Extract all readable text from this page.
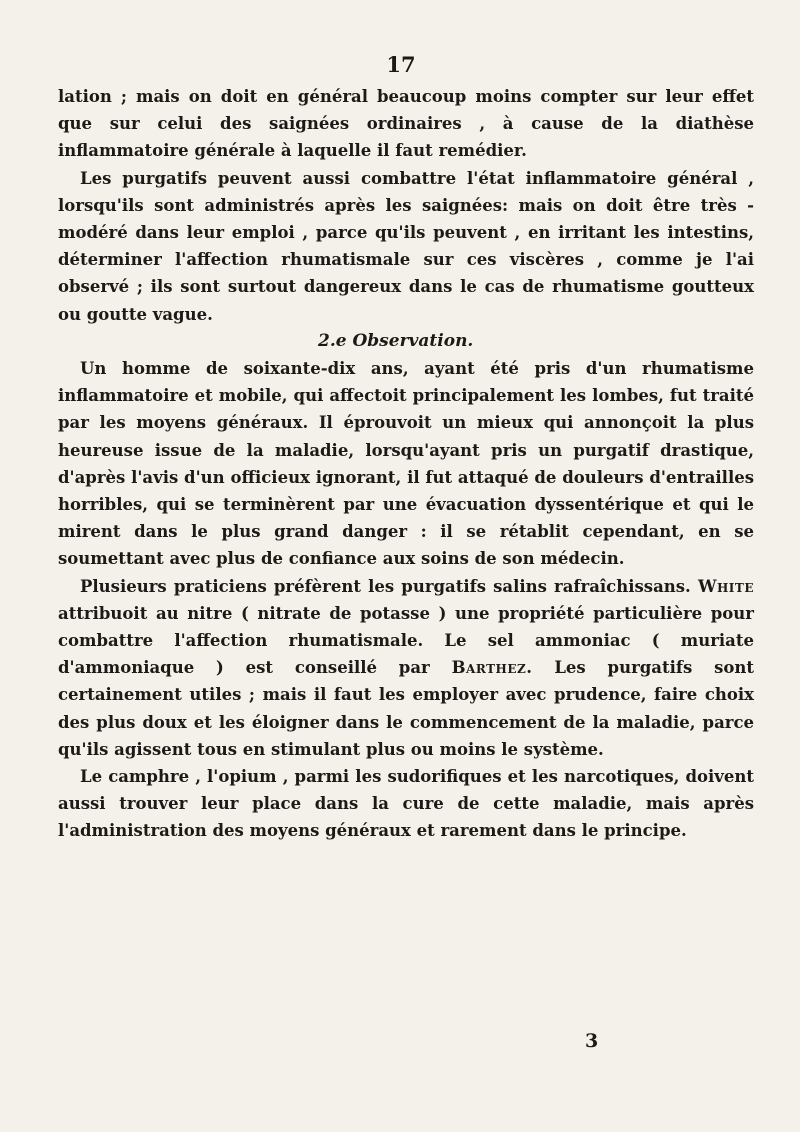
17

lation ; mais on doit en général beaucoup moins compter sur leur effet que sur celui des saignées ordinaires , à cause de la diathèse inflammatoire générale à laquelle il faut remédier.

Les purgatifs peuvent aussi combattre l'état inflammatoire général , lorsqu'ils sont administrés après les saignées: mais on doit être très - modéré dans leur emploi , parce qu'ils peuvent , en irritant les intestins, déterminer l'affection rhumatismale sur ces viscères , comme je l'ai observé ; ils sont surtout dangereux dans le cas de rhumatisme goutteux ou goutte vague.

2.e Observation.

Un homme de soixante-dix ans, ayant été pris d'un rhumatisme inflammatoire et mobile, qui affectoit principalement les lombes, fut traité par les moyens généraux. Il éprouvoit un mieux qui annonçoit la plus heureuse issue de la maladie, lorsqu'ayant pris un purgatif drastique, d'après l'avis d'un officieux ignorant, il fut attaqué de douleurs d'entrailles horribles, qui se terminèrent par une évacuation dyssentérique et qui le mirent dans le plus grand danger : il se rétablit cependant, en se soumettant avec plus de confiance aux soins de son médecin.

Plusieurs praticiens préfèrent les purgatifs salins rafraîchissans. White attribuoit au nitre ( nitrate de potasse ) une propriété particulière pour combattre l'affection rhumatismale. Le sel ammoniac ( muriate d'ammoniaque ) est conseillé par Barthez. Les purgatifs sont certainement utiles ; mais il faut les employer avec prudence, faire choix des plus doux et les éloigner dans le commencement de la maladie, parce qu'ils agissent tous en stimulant plus ou moins le système.

Le camphre , l'opium , parmi les sudorifiques et les narcotiques, doivent aussi trouver leur place dans la cure de cette maladie, mais après l'administration des moyens généraux et rarement dans le principe.

3
